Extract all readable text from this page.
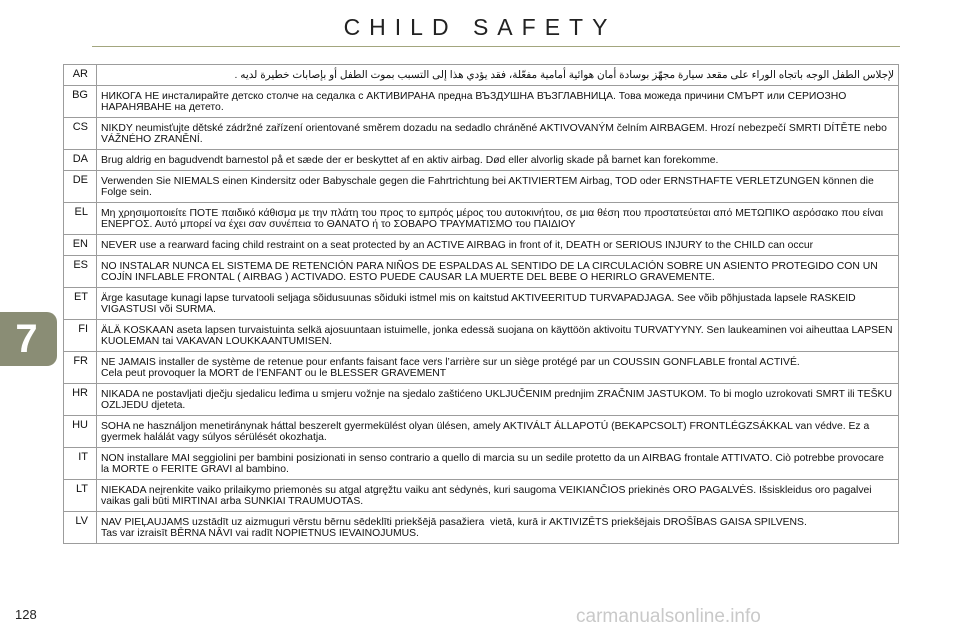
CHILD SAFETY
7
128
AR	لإجلاس الطفل الوجه باتجاه الوراء على مقعد سيارة مجهّز بوسادة أمان هوائية أمامية مفعّلة، فقد يؤدي هذا إلى التسبب بموت الطفل أو بإصابات خطيرة لديه .

BG	НИКОГА НЕ инсталирайте детско столче на седалка с АКТИВИРАНА предна ВЪЗДУШНА ВЪЗГЛАВНИЦА. Това можеда причини СМЪРТ или СЕРИОЗНО НАРАНЯВАНЕ на детето.

CS	NIKDY neumisťujte dětské zádržné zařízení orientované směrem dozadu na sedadlo chráněné AKTIVOVANÝM čelním AIRBAGEM. Hrozí nebezpečí SMRTI DÍTĚTE nebo VÁŽNÉHO ZRANĚNÍ.

DA	Brug aldrig en bagudvendt barnestol på et sæde der er beskyttet af en aktiv airbag. Død eller alvorlig skade på barnet kan forekomme.

DE	Verwenden Sie NIEMALS einen Kindersitz oder Babyschale gegen die Fahrtrichtung bei AKTIVIERTEM Airbag, TOD oder ERNSTHAFTE VERLETZUNGEN können die Folge sein.

EL	Μη χρησιμοποιείτε ΠΟΤΕ παιδικό κάθισμα με την πλάτη του προς το εμπρός μέρος του αυτοκινήτου, σε μια θέση που προστατεύεται από ΜΕΤΩΠΙΚΟ αερόσακο που είναι ΕΝΕΡΓΟΣ. Αυτό μπορεί να έχει σαν συνέπεια το ΘΑΝΑΤΟ ή το ΣΟΒΑΡΟ ΤΡΑΥΜΑΤΙΣΜΟ του ΠΑΙΔΙΟΥ

EN	NEVER use a rearward facing child restraint on a seat protected by an ACTIVE AIRBAG in front of it, DEATH or SERIOUS INJURY to the CHILD can occur

ES	NO INSTALAR NUNCA EL SISTEMA DE RETENCIÓN PARA NIÑOS DE ESPALDAS AL SENTIDO DE LA CIRCULACIÓN SOBRE UN ASIENTO PROTEGIDO CON UN COJÍN INFLABLE FRONTAL ( AIRBAG ) ACTIVADO. ESTO PUEDE CAUSAR LA MUERTE DEL BEBE O HERIRLO GRAVEMENTE.

ET	Ärge kasutage kunagi lapse turvatooli seljaga sõidusuunas sõiduki istmel mis on kaitstud AKTIVEERITUD TURVAPADJAGA. See võib põhjustada lapsele RASKEID VIGASTUSI või SURMA.

FI	ÄLÄ KOSKAAN aseta lapsen turvaistuinta selkä ajosuuntaan istuimelle, jonka edessä suojana on käyttöön aktivoitu TURVATYYNY. Sen laukeaminen voi aiheuttaa LAPSEN KUOLEMAN tai VAKAVAN LOUKKAANTUMISEN.

FR	NE JAMAIS installer de système de retenue pour enfants faisant face vers l’arrière sur un siège protégé par un COUSSIN GONFLABLE frontal ACTIVÉ.
Cela peut provoquer la MORT de l’ENFANT ou le BLESSER GRAVEMENT

HR	NIKADA ne postavljati dječju sjedalicu leđima u smjeru vožnje na sjedalo zaštićeno UKLJUČENIM prednjim ZRAČNIM JASTUKOM. To bi moglo uzrokovati SMRT ili TEŠKU OZLJEDU djeteta.

HU	SOHA ne használjon menetiránynak háttal beszerelt gyermekülést olyan ülésen, amely AKTIVÁLT ÁLLAPOTÚ (BEKAPCSOLT) FRONTLÉGZSÁKKAL van védve. Ez a gyermek halálát vagy súlyos sérülését okozhatja.

IT	NON installare MAI seggiolini per bambini posizionati in senso contrario a quello di marcia su un sedile protetto da un AIRBAG frontale ATTIVATO. Ciò potrebbe provocare la MORTE o FERITE GRAVI al bambino.

LT	NIEKADA neįrenkite vaiko prilaikymo priemonės su atgal atgręžtu vaiku ant sėdynės, kuri saugoma VEIKIANČIOS priekinės ORO PAGALVĖS. Išsiskleidus oro pagalvei vaikas gali būti MIRTINAI arba SUNKIAI TRAUMUOTAS.

LV	NAV PIEĻAUJAMS uzstādīt uz aizmuguri vērstu bērnu sēdeklīti priekšējā pasažiera  vietā, kurā ir AKTIVIZĒTS priekšējais DROŠĪBAS GAISA SPILVENS.
Tas var izraisīt BĒRNA NĀVI vai radīt NOPIETNUS IEVAINOJUMUS.
carmanualsonline.info
